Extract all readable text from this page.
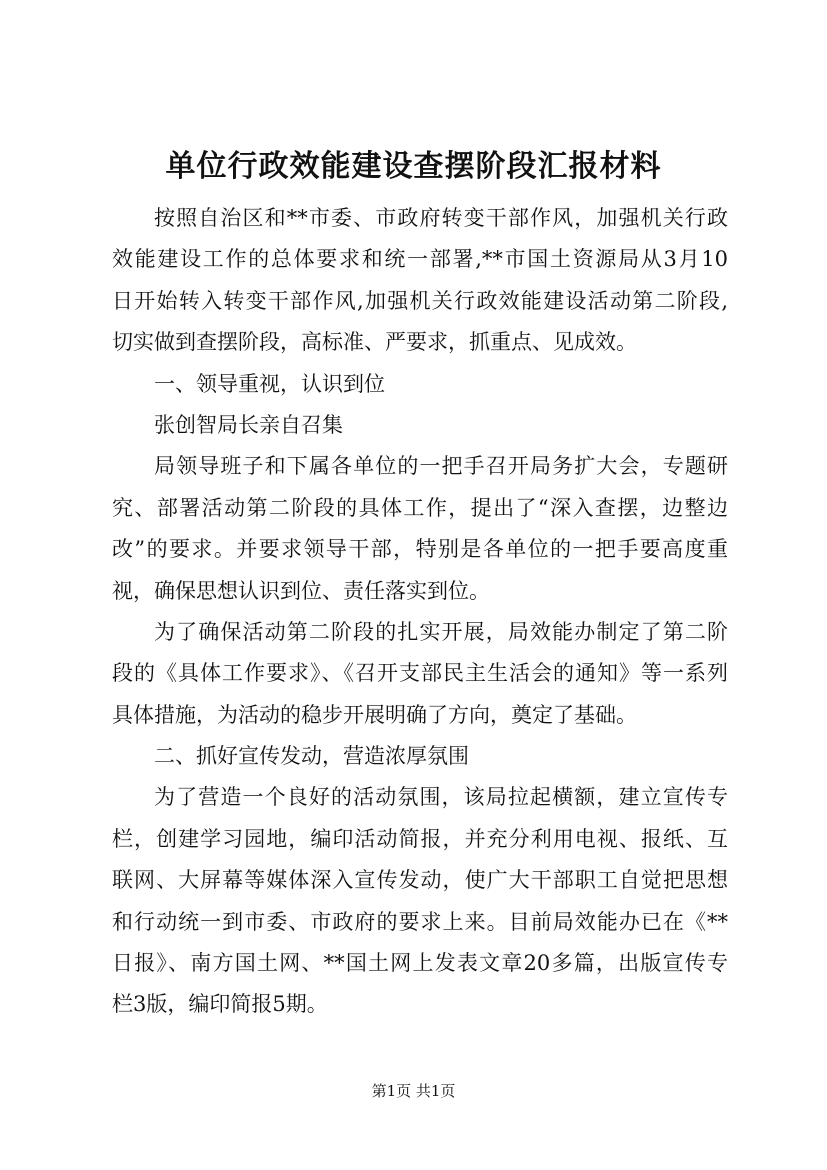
单位行政效能建设查摆阶段汇报材料
按照自治区和**市委、市政府转变干部作风，加强机关行政
效能建设工作的总体要求和统一部署,**市国土资源局从3月10
日开始转入转变干部作风,加强机关行政效能建设活动第二阶段,
切实做到查摆阶段，高标准、严要求，抓重点、见成效。
一、领导重视，认识到位
张创智局长亲自召集
局领导班子和下属各单位的一把手召开局务扩大会，专题研
究、部署活动第二阶段的具体工作，提出了“深入查摆，边整边
改”的要求。并要求领导干部，特别是各单位的一把手要高度重
视，确保思想认识到位、责任落实到位。
为了确保活动第二阶段的扎实开展，局效能办制定了第二阶
段的《具体工作要求》、《召开支部民主生活会的通知》等一系列
具体措施，为活动的稳步开展明确了方向，奠定了基础。
二、抓好宣传发动，营造浓厚氛围
为了营造一个良好的活动氛围，该局拉起横额，建立宣传专
栏，创建学习园地，编印活动简报，并充分利用电视、报纸、互
联网、大屏幕等媒体深入宣传发动，使广大干部职工自觉把思想
和行动统一到市委、市政府的要求上来。目前局效能办已在《**
日报》、南方国土网、**国土网上发表文章20多篇，出版宣传专
栏3版，编印简报5期。
第1页 共1页
